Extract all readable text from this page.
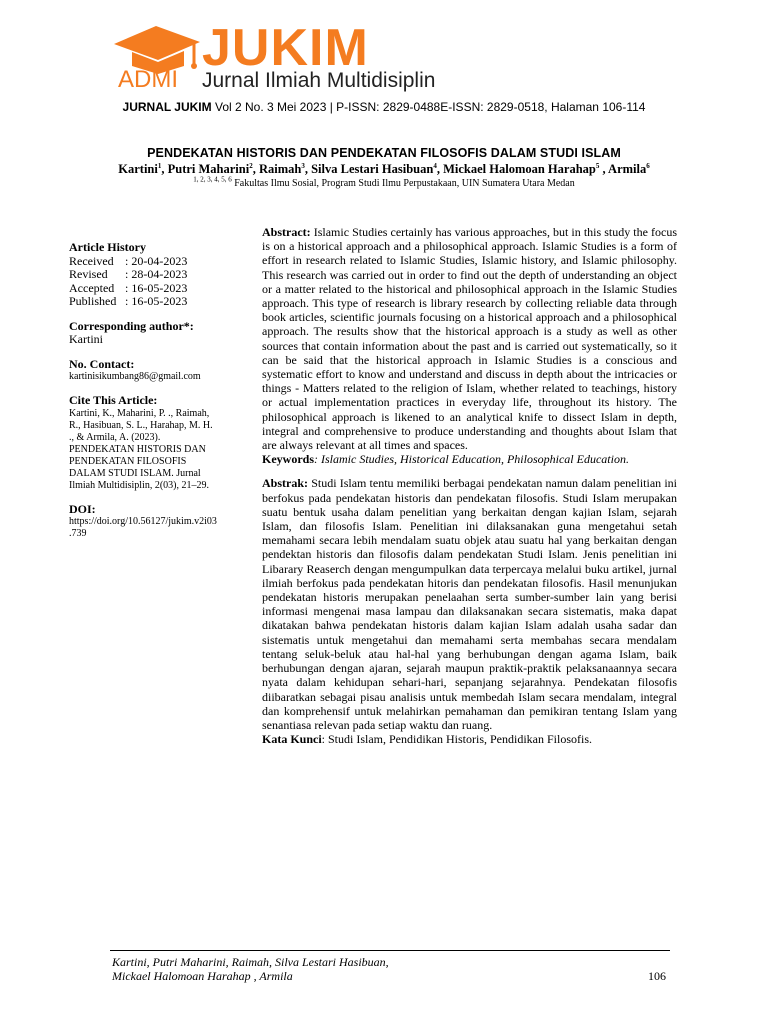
JUKIM
ADMI Jurnal Ilmiah Multidisiplin
JURNAL JUKIM Vol 2 No. 3 Mei 2023 | P-ISSN: 2829-0488E-ISSN: 2829-0518, Halaman 106-114
PENDEKATAN HISTORIS DAN PENDEKATAN FILOSOFIS DALAM STUDI ISLAM
Kartini$^1$, Putri Maharini$^2$, Raimah$^3$, Silva Lestari Hasibuan$^4$, Mickael Halomoan Harahap$^5$ , Armila$^6$
$^{1, 2, 3, 4, 5, 6}$ Fakultas Ilmu Sosial, Program Studi Ilmu Perpustakaan, UIN Sumatera Utara Medan
Article History
Received : 20-04-2023
Revised	: 28-04-2023
Accepted : 16-05-2023
Published : 16-05-2023
Corresponding author*:
Kartini
No. Contact:
kartinisikumbang86@gmail.com
Cite This Article:
Kartini, K., Maharini, P. ., Raimah,
R., Hasibuan, S. L., Harahap, M. H.
., & Armila, A. (2023).
PENDEKATAN HISTORIS DAN
PENDEKATAN FILOSOFIS
DALAM STUDI ISLAM. Jurnal
Ilmiah Multidisiplin, 2(03), 21–29.
DOI:
https://doi.org/10.56127/jukim.v2i03
.739

Abstract: Islamic Studies certainly has various approaches, but in this study the focus is on a historical approach and a philosophical approach. Islamic Studies is a form of effort in research related to Islamic Studies, Islamic history, and Islamic philosophy. This research was carried out in order to find out the depth of understanding an object or a matter related to the historical and philosophical approach in the Islamic Studies approach. This type of research is library research by collecting reliable data through book articles, scientific journals focusing on a historical approach and a philosophical approach. The results show that the historical approach is a study as well as other sources that contain information about the past and is carried out systematically, so it can be said that the historical approach in Islamic Studies is a conscious and systematic effort to know and understand and discuss in depth about the intricacies or things - Matters related to the religion of Islam, whether related to teachings, history or actual implementation practices in everyday life, throughout its history. The philosophical approach is likened to an analytical knife to dissect Islam in depth, integral and comprehensive to produce understanding and thoughts about Islam that are always relevant at all times and spaces.

Keywords: Islamic Studies, Historical Education, Philosophical Education.

Abstrak: Studi Islam tentu memiliki berbagai pendekatan namun dalam penelitian ini berfokus pada pendekatan historis dan pendekatan filosofis. Studi Islam merupakan suatu bentuk usaha dalam penelitian yang berkaitan dengan kajian Islam, sejarah Islam, dan filosofis Islam. Penelitian ini dilaksanakan guna mengetahui setah memahami secara lebih mendalam suatu objek atau suatu hal yang berkaitan dengan pendektan historis dan filosofis dalam pendekatan Studi Islam. Jenis penelitian ini Libarary Reaserch dengan mengumpulkan data terpercaya melalui buku artikel, jurnal ilmiah berfokus pada pendekatan hitoris dan pendekatan filosofis. Hasil menunjukan pendekatan historis merupakan penelaahan serta sumber-sumber lain yang berisi informasi mengenai masa lampau dan dilaksanakan secara sistematis, maka dapat dikatakan bahwa pendekatan historis dalam kajian Islam adalah usaha sadar dan sistematis untuk mengetahui dan memahami serta membahas secara mendalam tentang seluk-beluk atau hal-hal yang berhubungan dengan agama Islam, baik berhubungan dengan ajaran, sejarah maupun praktik-praktik pelaksanaannya secara nyata dalam kehidupan sehari-hari, sepanjang sejarahnya. Pendekatan filosofis diibaratkan sebagai pisau analisis untuk membedah Islam secara mendalam, integral dan komprehensif untuk melahirkan pemahaman dan pemikiran tentang Islam yang senantiasa relevan pada setiap waktu dan ruang.

Kata Kunci: Studi Islam, Pendidikan Historis, Pendidikan Filosofis.

Kartini, Putri Maharini, Raimah, Silva Lestari Hasibuan,
Mickael Halomoan Harahap , Armila	106
